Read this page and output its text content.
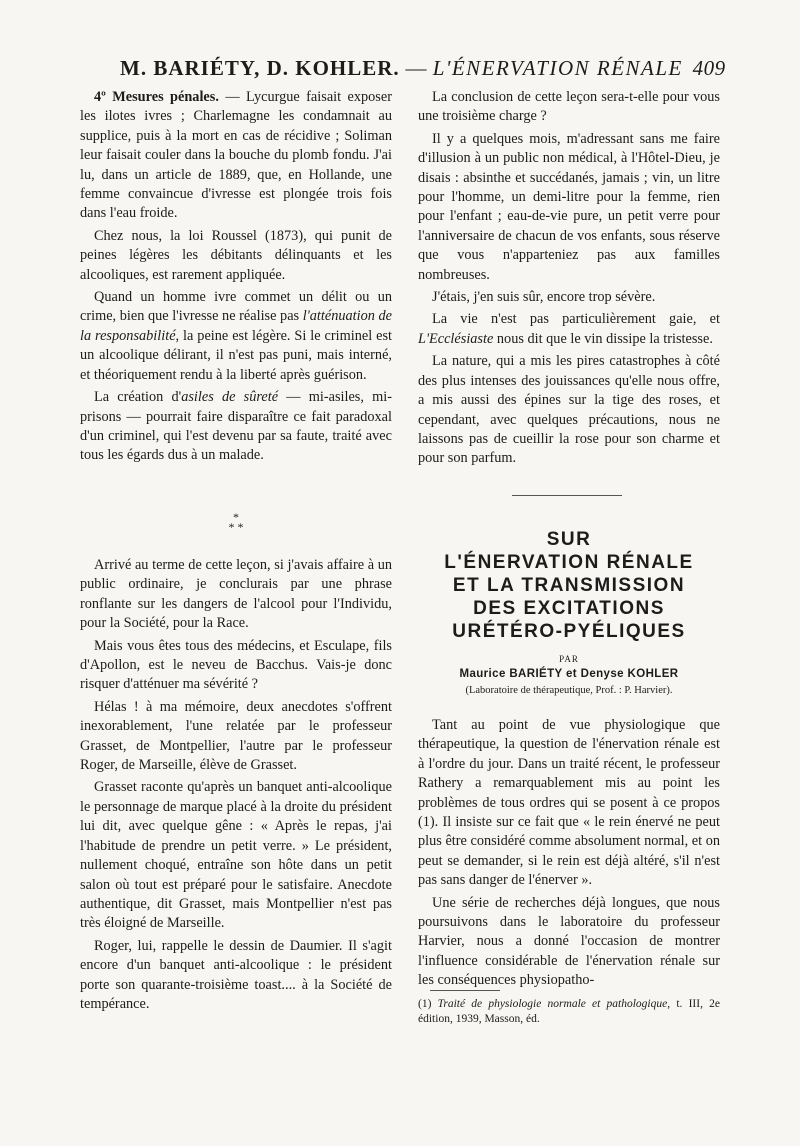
M. BARIÉTY, D. KOHLER. — L'ÉNERVATION RÉNALE 409

4º Mesures pénales. — Lycurgue faisait exposer les ilotes ivres ; Charlemagne les condamnait au supplice, puis à la mort en cas de récidive ; Soliman leur faisait couler dans la bouche du plomb fondu. J'ai lu, dans un article de 1889, que, en Hollande, une femme convaincue d'ivresse est plongée trois fois dans l'eau froide.

Chez nous, la loi Roussel (1873), qui punit de peines légères les débitants délinquants et les alcooliques, est rarement appliquée.

Quand un homme ivre commet un délit ou un crime, bien que l'ivresse ne réalise pas l'atténuation de la responsabilité, la peine est légère. Si le criminel est un alcoolique délirant, il n'est pas puni, mais interné, et théoriquement rendu à la liberté après guérison.

La création d'asiles de sûreté — mi-asiles, mi-prisons — pourrait faire disparaître ce fait paradoxal d'un criminel, qui l'est devenu par sa faute, traité avec tous les égards dus à un malade.

*
* *

Arrivé au terme de cette leçon, si j'avais affaire à un public ordinaire, je conclurais par une phrase ronflante sur les dangers de l'alcool pour l'Individu, pour la Société, pour la Race.

Mais vous êtes tous des médecins, et Esculape, fils d'Apollon, est le neveu de Bacchus. Vais-je donc risquer d'atténuer ma sévérité ?

Hélas ! à ma mémoire, deux anecdotes s'offrent inexorablement, l'une relatée par le professeur Grasset, de Montpellier, l'autre par le professeur Roger, de Marseille, élève de Grasset.

Grasset raconte qu'après un banquet anti-alcoolique le personnage de marque placé à la droite du président lui dit, avec quelque gêne : « Après le repas, j'ai l'habitude de prendre un petit verre. » Le président, nullement choqué, entraîne son hôte dans un petit salon où tout est préparé pour le satisfaire. Anecdote authentique, dit Grasset, mais Montpellier n'est pas très éloigné de Marseille.

Roger, lui, rappelle le dessin de Daumier. Il s'agit encore d'un banquet anti-alcoolique : le président porte son quarante-troisième toast.... à la Société de tempérance.

La conclusion de cette leçon sera-t-elle pour vous une troisième charge ?

Il y a quelques mois, m'adressant sans me faire d'illusion à un public non médical, à l'Hôtel-Dieu, je disais : absinthe et succédanés, jamais ; vin, un litre pour l'homme, un demi-litre pour la femme, rien pour l'enfant ; eau-de-vie pure, un petit verre pour l'anniversaire de chacun de vos enfants, sous réserve que vous n'apparteniez pas aux familles nombreuses.

J'étais, j'en suis sûr, encore trop sévère.

La vie n'est pas particulièrement gaie, et L'Ecclésiaste nous dit que le vin dissipe la tristesse.

La nature, qui a mis les pires catastrophes à côté des plus intenses des jouissances qu'elle nous offre, a mis aussi des épines sur la tige des roses, et cependant, avec quelques précautions, nous ne laissons pas de cueillir la rose pour son charme et pour son parfum.

SUR
L'ÉNERVATION RÉNALE
ET LA TRANSMISSION
DES EXCITATIONS
URÉTÉRO-PYÉLIQUES
PAR
Maurice BARIÉTY et Denyse KOHLER
(Laboratoire de thérapeutique, Prof. : P. Harvier).

Tant au point de vue physiologique que thérapeutique, la question de l'énervation rénale est à l'ordre du jour. Dans un traité récent, le professeur Rathery a remarquablement mis au point les problèmes de tous ordres qui se posent à ce propos (1). Il insiste sur ce fait que « le rein énervé ne peut plus être considéré comme absolument normal, et on peut se demander, si le rein est déjà altéré, s'il n'est pas sans danger de l'énerver ».

Une série de recherches déjà longues, que nous poursuivons dans le laboratoire du professeur Harvier, nous a donné l'occasion de montrer l'influence considérable de l'énervation rénale sur les conséquences physiopatho-

(1) Traité de physiologie normale et pathologique, t. III, 2e édition, 1939, Masson, éd.
